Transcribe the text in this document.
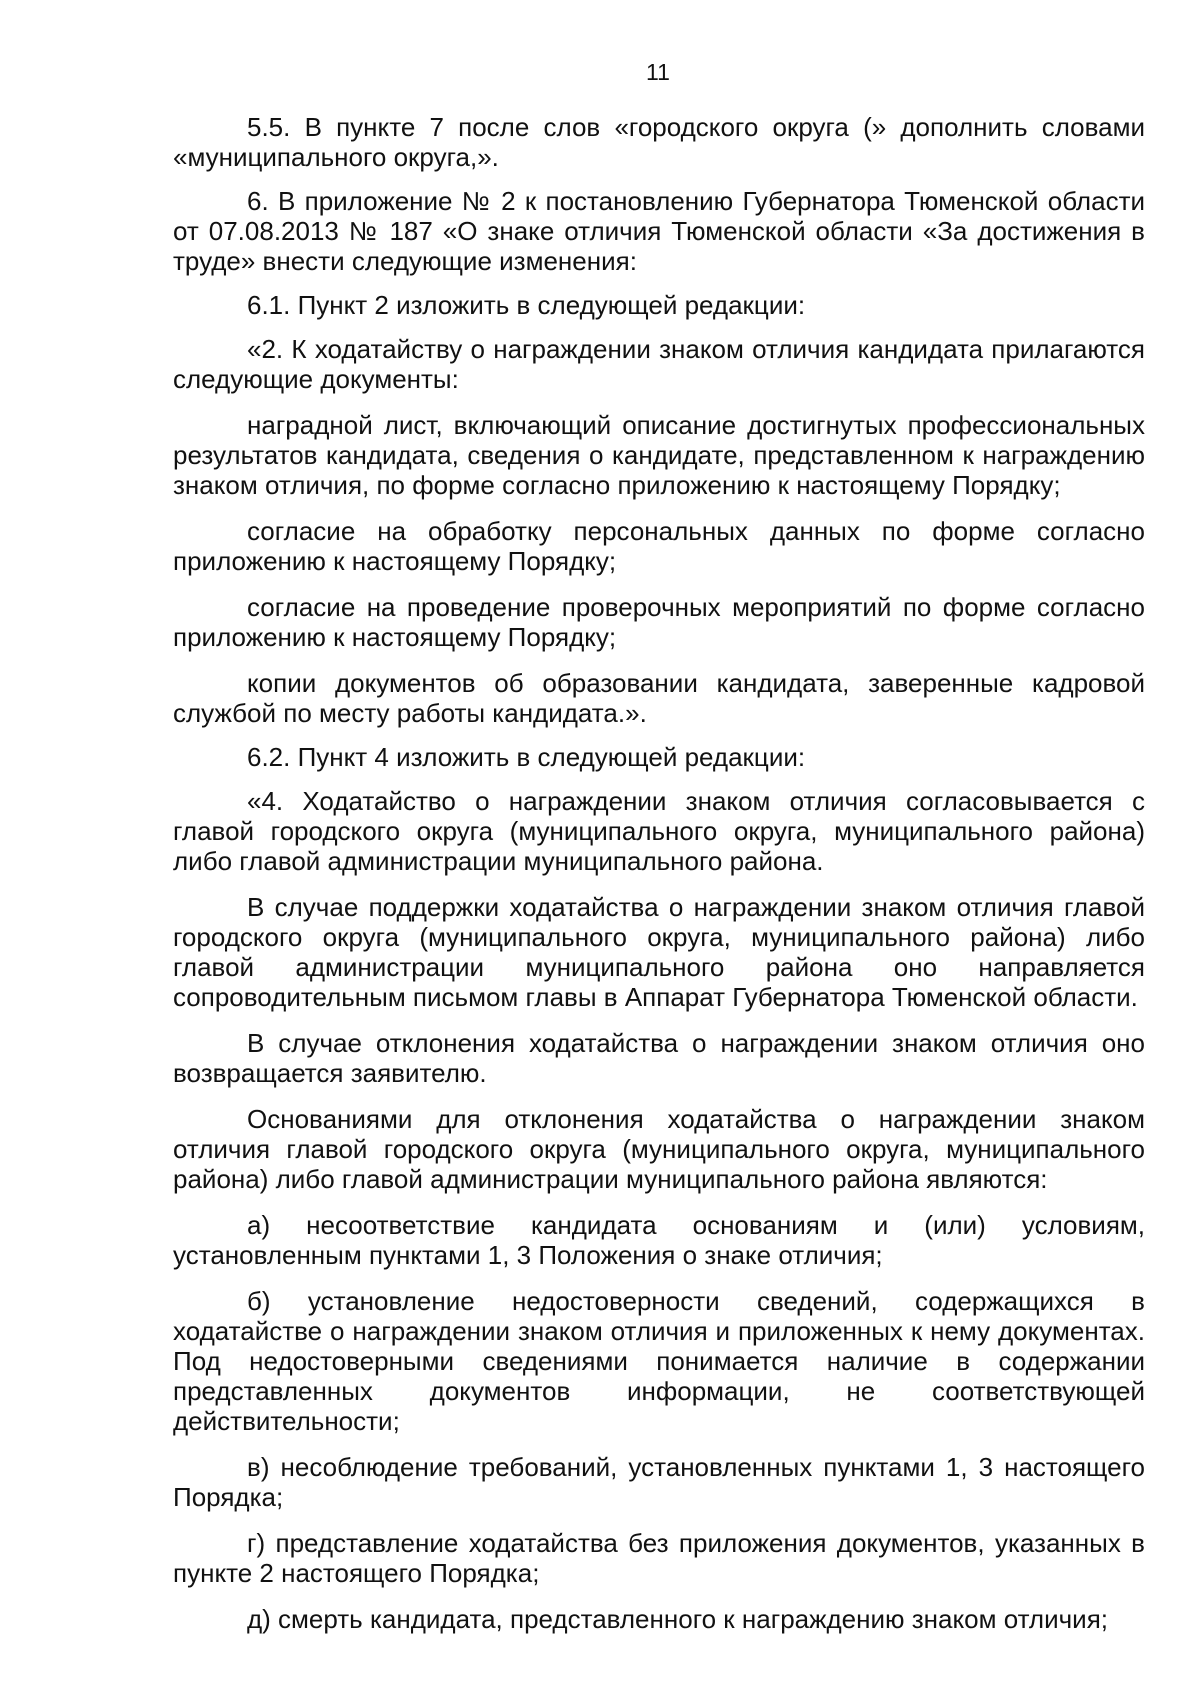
11

5.5. В пункте 7 после слов «городского округа (» дополнить словами «муниципального округа,».

6. В приложение № 2 к постановлению Губернатора Тюменской области от 07.08.2013 № 187 «О знаке отличия Тюменской области «За достижения в труде» внести следующие изменения:

6.1. Пункт 2 изложить в следующей редакции:

«2. К ходатайству о награждении знаком отличия кандидата прилагаются следующие документы:

наградной лист, включающий описание достигнутых профессиональных результатов кандидата, сведения о кандидате, представленном к награждению знаком отличия, по форме согласно приложению к настоящему Порядку;

согласие на обработку персональных данных по форме согласно приложению к настоящему Порядку;

согласие на проведение проверочных мероприятий по форме согласно приложению к настоящему Порядку;

копии документов об образовании кандидата, заверенные кадровой службой по месту работы кандидата.».

6.2. Пункт 4 изложить в следующей редакции:

«4. Ходатайство о награждении знаком отличия согласовывается с главой городского округа (муниципального округа, муниципального района) либо главой администрации муниципального района.

В случае поддержки ходатайства о награждении знаком отличия главой городского округа (муниципального округа, муниципального района) либо главой администрации муниципального района оно направляется сопроводительным письмом главы в Аппарат Губернатора Тюменской области.

В случае отклонения ходатайства о награждении знаком отличия оно возвращается заявителю.

Основаниями для отклонения ходатайства о награждении знаком отличия главой городского округа (муниципального округа, муниципального района) либо главой администрации муниципального района являются:

а) несоответствие кандидата основаниям и (или) условиям, установленным пунктами 1, 3 Положения о знаке отличия;

б) установление недостоверности сведений, содержащихся в ходатайстве о награждении знаком отличия и приложенных к нему документах. Под недостоверными сведениями понимается наличие в содержании представленных документов информации, не соответствующей действительности;

в) несоблюдение требований, установленных пунктами 1, 3 настоящего Порядка;

г) представление ходатайства без приложения документов, указанных в пункте 2 настоящего Порядка;

д) смерть кандидата, представленного к награждению знаком отличия;
